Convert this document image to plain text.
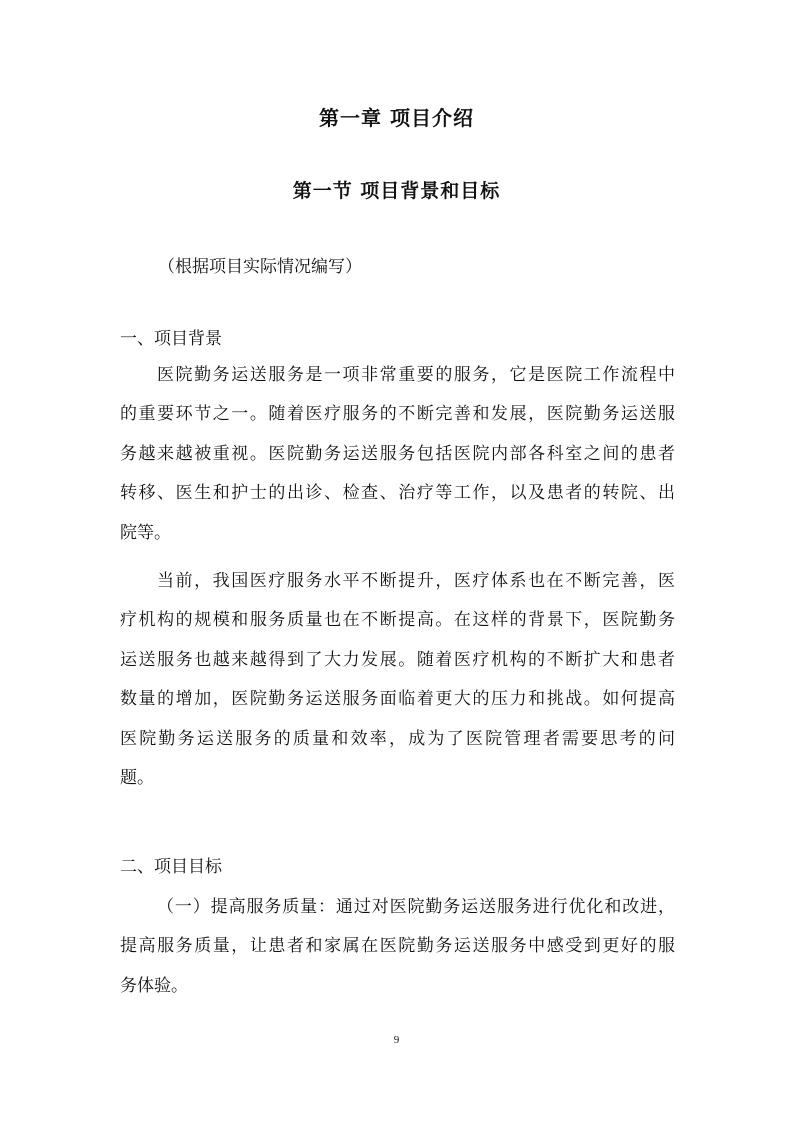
第一章 项目介绍
第一节 项目背景和目标
（根据项目实际情况编写）
一、项目背景
医院勤务运送服务是一项非常重要的服务，它是医院工作流程中
的重要环节之一。随着医疗服务的不断完善和发展，医院勤务运送服
务越来越被重视。医院勤务运送服务包括医院内部各科室之间的患者
转移、医生和护士的出诊、检查、治疗等工作，以及患者的转院、出
院等。
当前，我国医疗服务水平不断提升，医疗体系也在不断完善，医
疗机构的规模和服务质量也在不断提高。在这样的背景下，医院勤务
运送服务也越来越得到了大力发展。随着医疗机构的不断扩大和患者
数量的增加，医院勤务运送服务面临着更大的压力和挑战。如何提高
医院勤务运送服务的质量和效率，成为了医院管理者需要思考的问
题。
二、项目目标
（一）提高服务质量：通过对医院勤务运送服务进行优化和改进，
提高服务质量，让患者和家属在医院勤务运送服务中感受到更好的服
务体验。
9
